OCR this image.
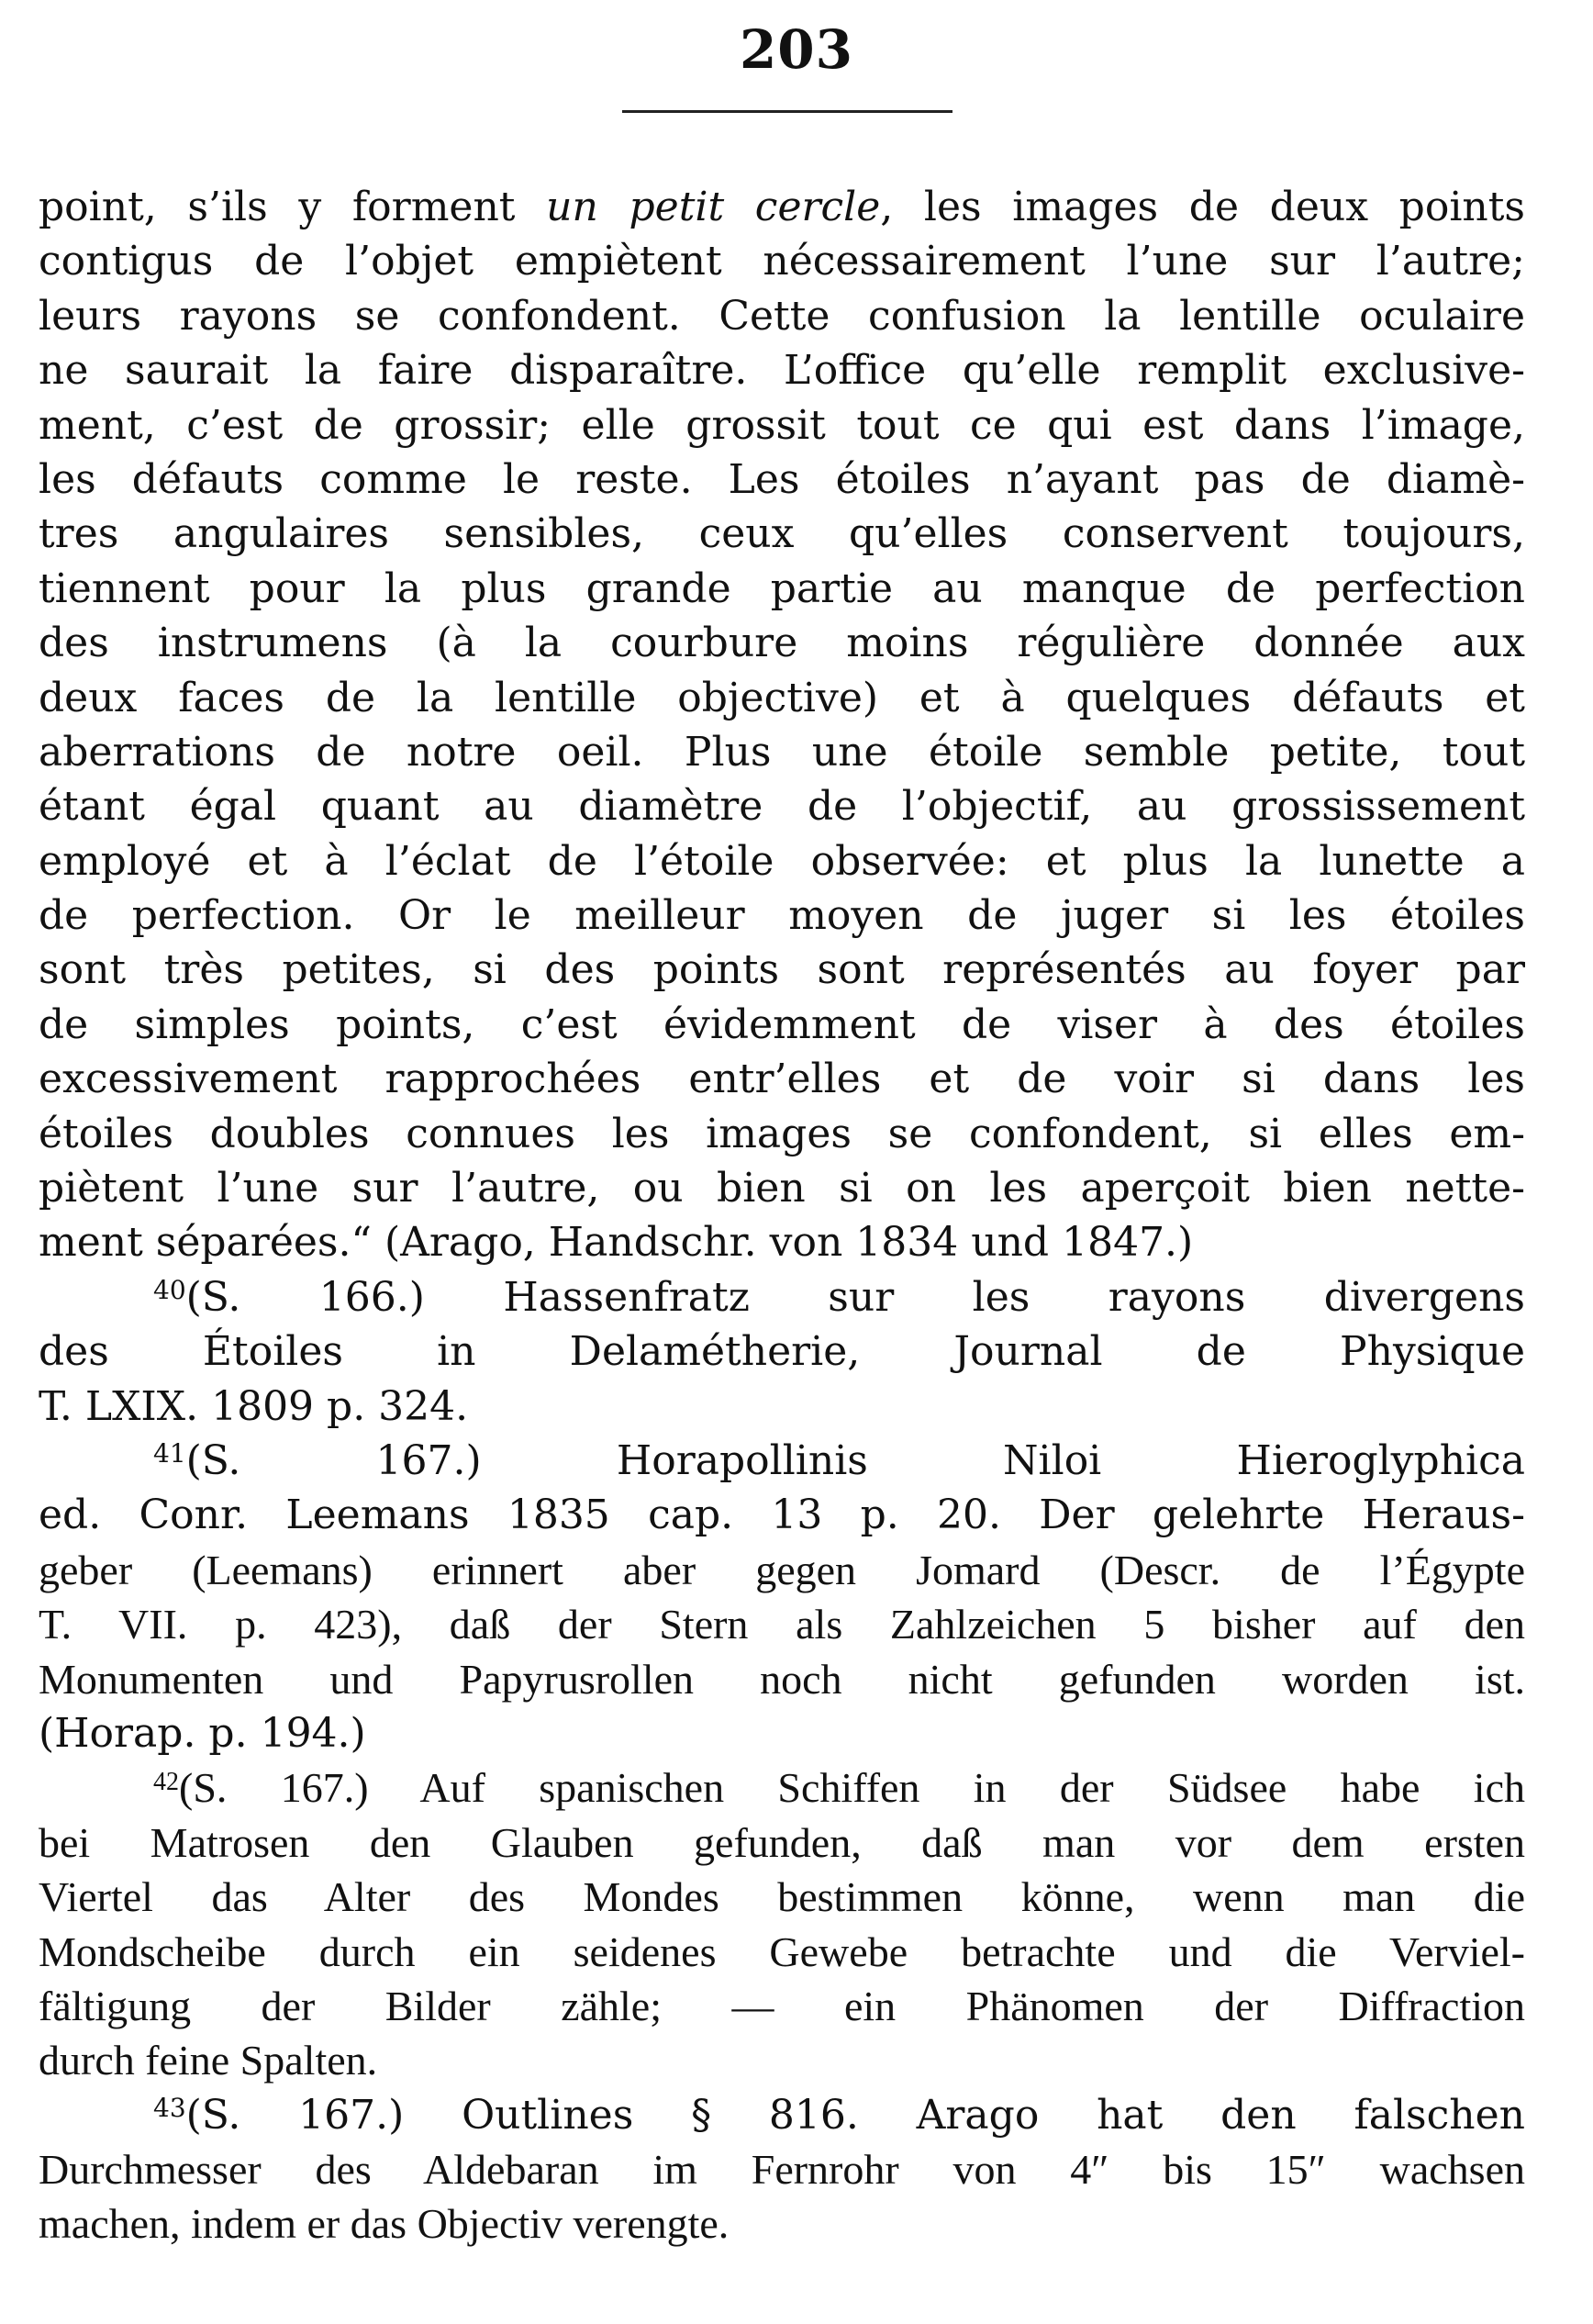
203
point, s’ils y forment un petit cercle, les images de deux points
contigus de l’objet empiètent nécessairement l’une sur l’autre;
leurs rayons se confondent. Cette confusion la lentille oculaire
ne saurait la faire disparaître. L’office qu’elle remplit exclusive-
ment, c’est de grossir; elle grossit tout ce qui est dans l’image,
les défauts comme le reste. Les étoiles n’ayant pas de diamè-
tres angulaires sensibles, ceux qu’elles conservent toujours,
tiennent pour la plus grande partie au manque de perfection
des instrumens (à la courbure moins régulière donnée aux
deux faces de la lentille objective) et à quelques défauts et
aberrations de notre oeil. Plus une étoile semble petite, tout
étant égal quant au diamètre de l’objectif, au grossissement
employé et à l’éclat de l’étoile observée: et plus la lunette a
de perfection. Or le meilleur moyen de juger si les étoiles
sont très petites, si des points sont représentés au foyer par
de simples points, c’est évidemment de viser à des étoiles
excessivement rapprochées entr’elles et de voir si dans les
étoiles doubles connues les images se confondent, si elles em-
piètent l’une sur l’autre, ou bien si on les aperçoit bien nette-
ment séparées.“ (Arago, Handschr. von 1834 und 1847.)
$^{40}$(S. 166.) Hassenfratz sur les rayons divergens
des Étoiles in Delamétherie, Journal de Physique
T. LXIX. 1809 p. 324.
$^{41}$(S. 167.) Horapollinis Niloi Hieroglyphica
ed. Conr. Leemans 1835 cap. 13 p. 20. Der gelehrte Heraus-
geber (Leemans) erinnert aber gegen Jomard (Descr. de l’Égypte
T. VII. p. 423), daß der Stern als Zahlzeichen 5 bisher auf den
Monumenten und Papyrusrollen noch nicht gefunden worden ist.
(Horap. p. 194.)
$^{42}$(S. 167.) Auf spanischen Schiffen in der Südsee habe ich
bei Matrosen den Glauben gefunden, daß man vor dem ersten
Viertel das Alter des Mondes bestimmen könne, wenn man die
Mondscheibe durch ein seidenes Gewebe betrachte und die Verviel-
fältigung der Bilder zähle; — ein Phänomen der Diffraction
durch feine Spalten.
$^{43}$(S. 167.) Outlines § 816. Arago hat den falschen
Durchmesser des Aldebaran im Fernrohr von 4″ bis 15″ wachsen
machen, indem er das Objectiv verengte.
